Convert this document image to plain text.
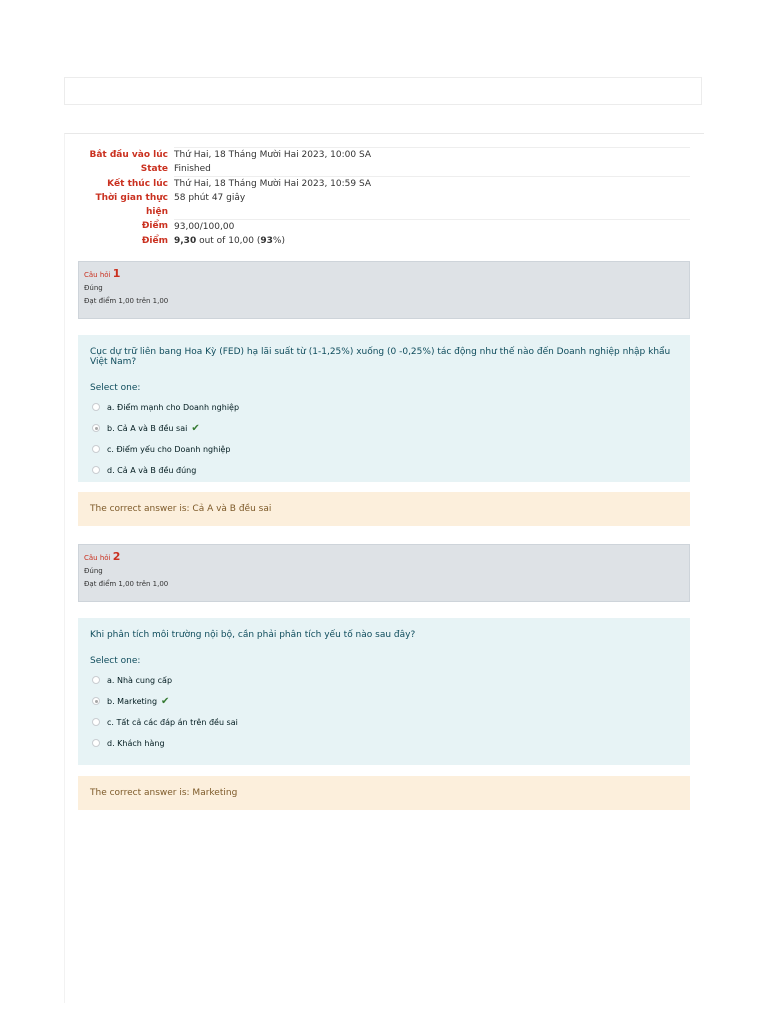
Bắt đầu vào lúc	Thứ Hai, 18 Tháng Mười Hai 2023, 10:00 SA
State	Finished
Kết thúc lúc	Thứ Hai, 18 Tháng Mười Hai 2023, 10:59 SA
Thời gian thực hiện	58 phút 47 giây
Điểm	93,00/100,00
Điểm	9,30 out of 10,00 (93%)
Câu hỏi 1
Đúng
Đạt điểm 1,00 trên 1,00
Cục dự trữ liên bang Hoa Kỳ (FED) hạ lãi suất từ (1-1,25%) xuống (0 -0,25%) tác động như thế nào đến Doanh nghiệp nhập khẩu Việt Nam?
Select one:
a. Điểm mạnh cho Doanh nghiệp
b. Cả A và B đều sai ✔
c. Điểm yếu cho Doanh nghiệp
d. Cả A và B đều đúng
The correct answer is: Cả A và B đều sai
Câu hỏi 2
Đúng
Đạt điểm 1,00 trên 1,00
Khi phân tích môi trường nội bộ, cần phải phân tích yếu tố nào sau đây?
Select one:
a. Nhà cung cấp
b. Marketing ✔
c. Tất cả các đáp án trên đều sai
d. Khách hàng
The correct answer is: Marketing
